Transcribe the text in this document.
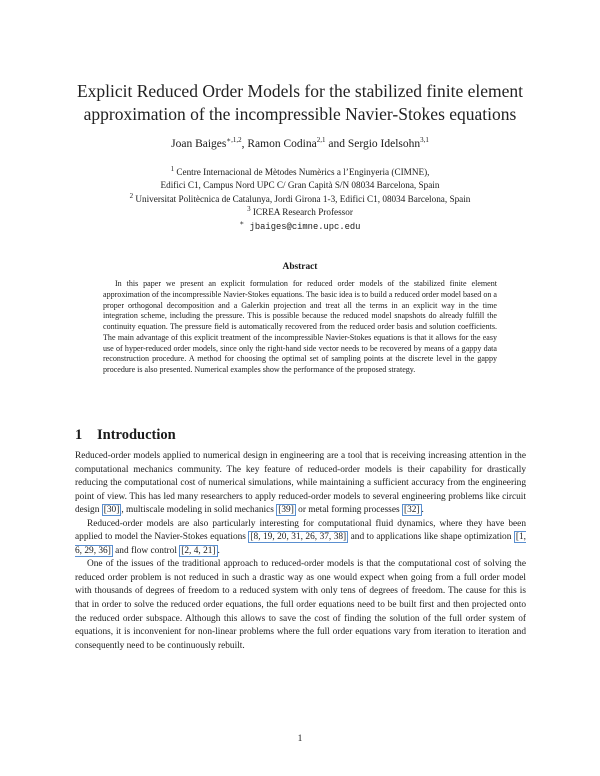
Explicit Reduced Order Models for the stabilized finite element
approximation of the incompressible Navier-Stokes equations
Joan Baiges$^{∗,1,2}$, Ramon Codina$^{2,1}$ and Sergio Idelsohn$^{3,1}$
$^1$ Centre Internacional de Mètodes Numèrics a l’Enginyeria (CIMNE),
Edifici C1, Campus Nord UPC C/ Gran Capità S/N 08034 Barcelona, Spain
$^2$ Universitat Politècnica de Catalunya, Jordi Girona 1-3, Edifici C1, 08034 Barcelona, Spain
$^3$ ICREA Research Professor
∗ jbaiges@cimne.upc.edu
Abstract

In this paper we present an explicit formulation for reduced order models of the stabilized finite element approximation of the incompressible Navier-Stokes equations. The basic idea is to build a reduced order model based on a proper orthogonal decomposition and a Galerkin projection and treat all the terms in an explicit way in the time integration scheme, including the pressure. This is possible because the reduced model snapshots do already fulfill the continuity equation. The pressure field is automatically recovered from the reduced order basis and solution coefficients. The main advantage of this explicit treatment of the incompressible Navier-Stokes equations is that it allows for the easy use of hyper-reduced order models, since only the right-hand side vector needs to be recovered by means of a gappy data reconstruction procedure. A method for choosing the optimal set of sampling points at the discrete level in the gappy procedure is also presented. Numerical examples show the performance of the proposed strategy.

1 Introduction

Reduced-order models applied to numerical design in engineering are a tool that is receiving increasing attention in the computational mechanics community. The key feature of reduced-order models is their capability for drastically reducing the computational cost of numerical simulations, while maintaining a sufficient accuracy from the engineering point of view. This has led many researchers to apply reduced-order models to several engineering problems like circuit design [30] , multiscale modeling in solid mechanics [39] or metal forming processes [32] .

Reduced-order models are also particularly interesting for computational fluid dynamics, where they have been applied to model the Navier-Stokes equations [8, 19, 20, 31, 26, 37, 38] and to applications like shape optimization [1, 6, 29, 36] and flow control [2, 4, 21] .

One of the issues of the traditional approach to reduced-order models is that the computational cost of solving the reduced order problem is not reduced in such a drastic way as one would expect when going from a full order model with thousands of degrees of freedom to a reduced system with only tens of degrees of freedom. The cause for this is that in order to solve the reduced order equations, the full order equations need to be built first and then projected onto the reduced order subspace. Although this allows to save the cost of finding the solution of the full order system of equations, it is inconvenient for non-linear problems where the full order equations vary from iteration to iteration and consequently need to be continuously rebuilt.

1
